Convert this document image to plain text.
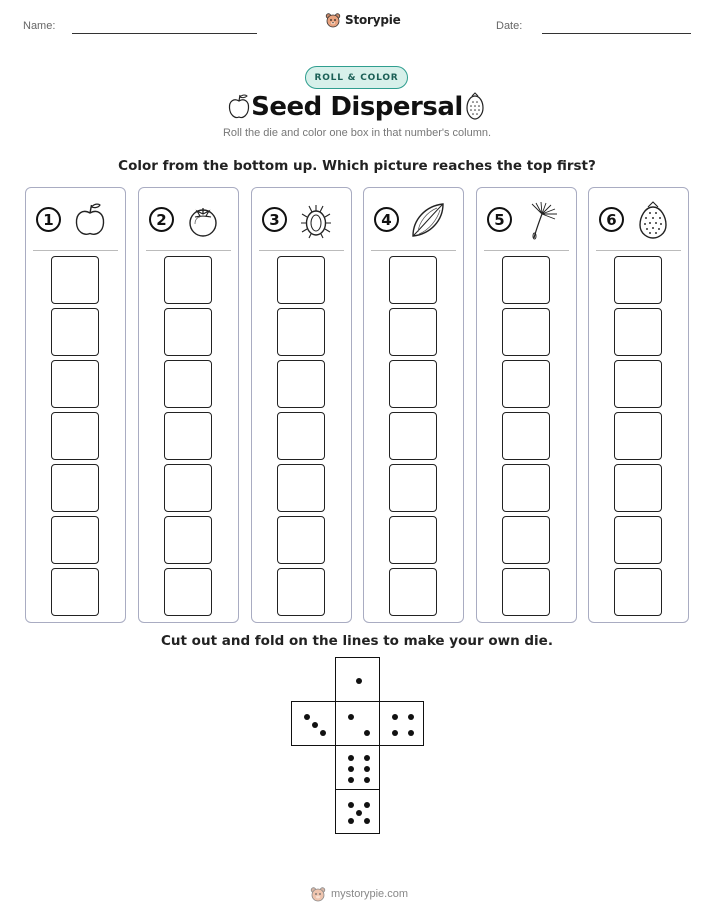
Name:	Storypie	Date:
ROLL & COLOR
Seed Dispersal
Roll the die and color one box in that number's column.
Color from the bottom up. Which picture reaches the top first?
1	2	3	4	5	6
Cut out and fold on the lines to make your own die.
mystorypie.com
